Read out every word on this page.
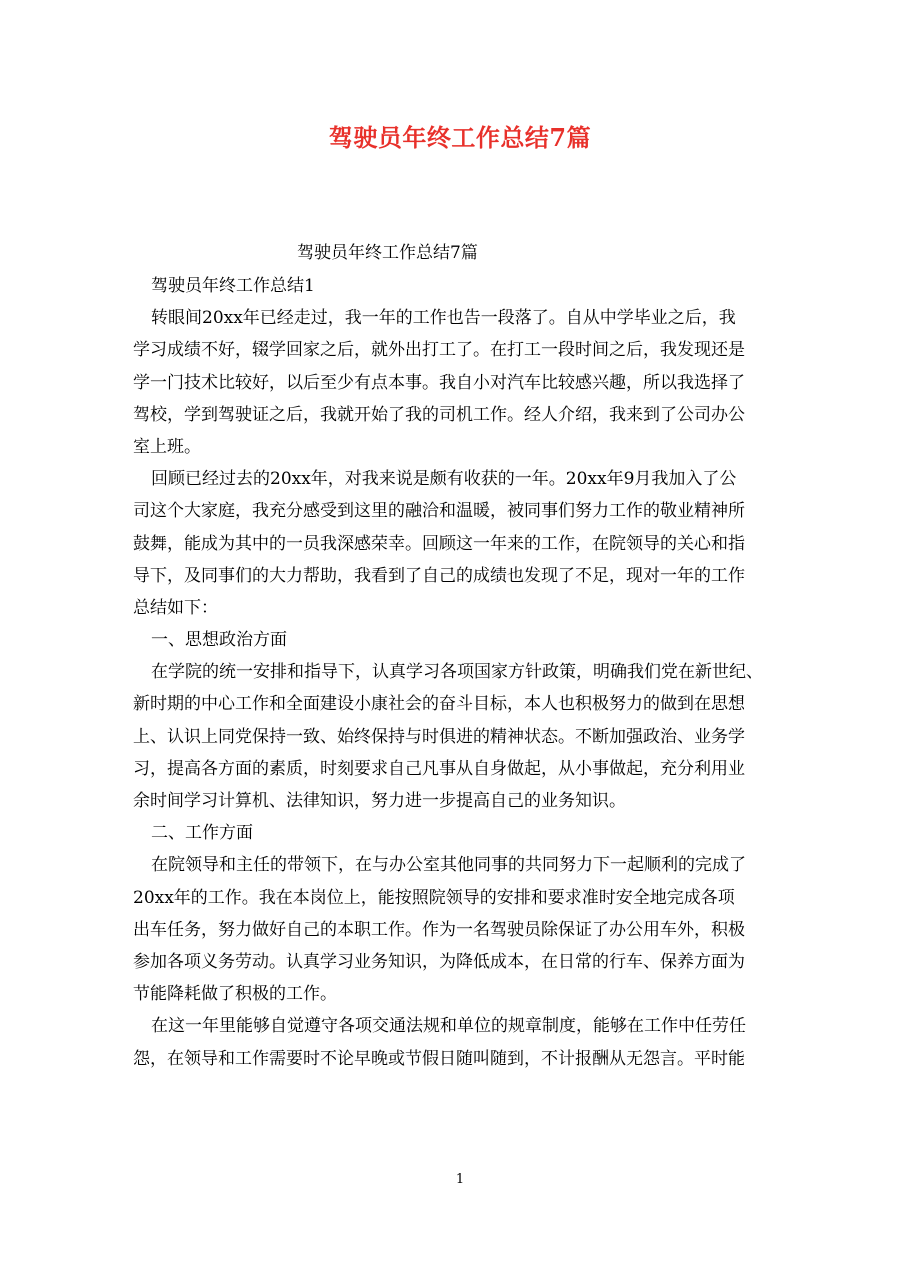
驾驶员年终工作总结7篇
驾驶员年终工作总结7篇
驾驶员年终工作总结1
转眼间20xx年已经走过，我一年的工作也告一段落了。自从中学毕业之后，我
学习成绩不好，辍学回家之后，就外出打工了。在打工一段时间之后，我发现还是
学一门技术比较好，以后至少有点本事。我自小对汽车比较感兴趣，所以我选择了
驾校，学到驾驶证之后，我就开始了我的司机工作。经人介绍，我来到了公司办公
室上班。
回顾已经过去的20xx年，对我来说是颇有收获的一年。20xx年9月我加入了公
司这个大家庭，我充分感受到这里的融洽和温暖，被同事们努力工作的敬业精神所
鼓舞，能成为其中的一员我深感荣幸。回顾这一年来的工作，在院领导的关心和指
导下，及同事们的大力帮助，我看到了自己的成绩也发现了不足，现对一年的工作
总结如下：
一、思想政治方面
在学院的统一安排和指导下，认真学习各项国家方针政策，明确我们党在新世纪、
新时期的中心工作和全面建设小康社会的奋斗目标，本人也积极努力的做到在思想
上、认识上同党保持一致、始终保持与时俱进的精神状态。不断加强政治、业务学
习，提高各方面的素质，时刻要求自己凡事从自身做起，从小事做起，充分利用业
余时间学习计算机、法律知识，努力进一步提高自己的业务知识。
二、工作方面
在院领导和主任的带领下，在与办公室其他同事的共同努力下一起顺利的完成了
20xx年的工作。我在本岗位上，能按照院领导的安排和要求准时安全地完成各项
出车任务，努力做好自己的本职工作。作为一名驾驶员除保证了办公用车外，积极
参加各项义务劳动。认真学习业务知识，为降低成本，在日常的行车、保养方面为
节能降耗做了积极的工作。
在这一年里能够自觉遵守各项交通法规和单位的规章制度，能够在工作中任劳任
怨，在领导和工作需要时不论早晚或节假日随叫随到，不计报酬从无怨言。平时能
1
